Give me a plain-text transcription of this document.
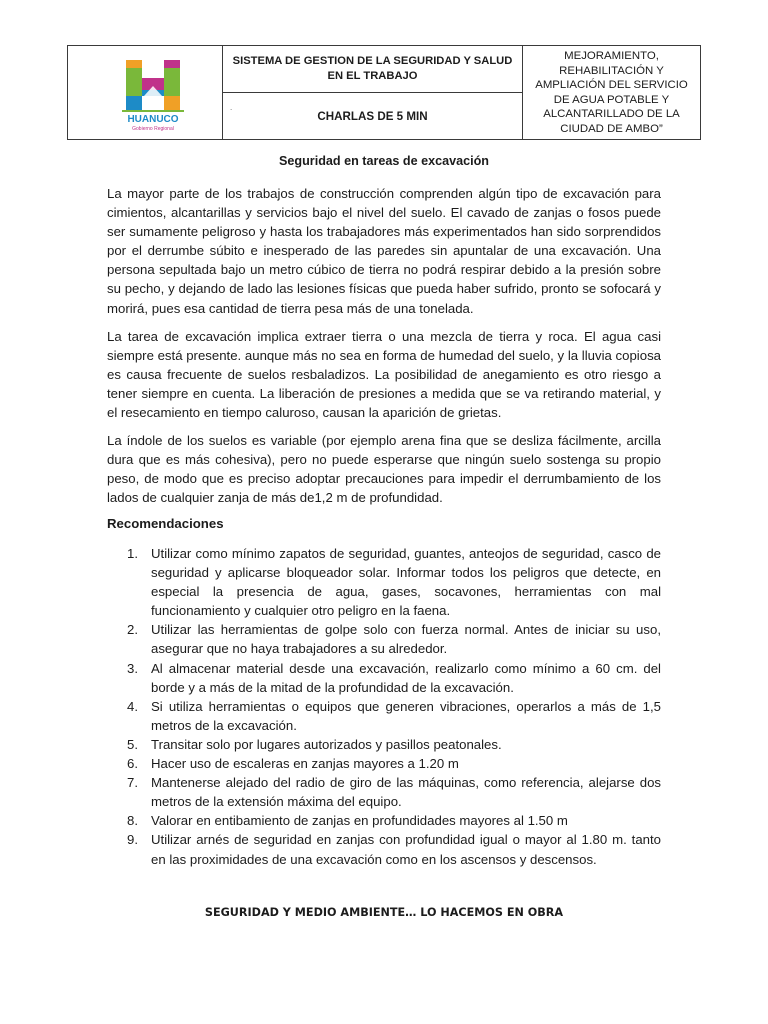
HUANUCO
Gobierno Regional
SISTEMA DE GESTION DE LA SEGURIDAD Y SALUD EN EL TRABAJO
.
CHARLAS DE 5 MIN
MEJORAMIENTO, REHABILITACIÓN Y AMPLIACIÓN DEL SERVICIO DE AGUA POTABLE Y ALCANTARILLADO DE LA CIUDAD DE AMBO”
Seguridad en tareas de excavación

La mayor parte de los trabajos de construcción comprenden algún tipo de excavación para cimientos, alcantarillas y servicios bajo el nivel del suelo. El cavado de zanjas o fosos puede ser sumamente peligroso y hasta los trabajadores más experimentados han sido sorprendidos por el derrumbe súbito e inesperado de las paredes sin apuntalar de una excavación. Una persona sepultada bajo un metro cúbico de tierra no podrá respirar debido a la presión sobre su pecho, y dejando de lado las lesiones físicas que pueda haber sufrido, pronto se sofocará y morirá, pues esa cantidad de tierra pesa más de una tonelada.

La tarea de excavación implica extraer tierra o una mezcla de tierra y roca. El agua casi siempre está presente. aunque más no sea en forma de humedad del suelo, y la lluvia copiosa es causa frecuente de suelos resbaladizos. La posibilidad de anegamiento es otro riesgo a tener siempre en cuenta. La liberación de presiones a medida que se va retirando material, y el resecamiento en tiempo caluroso, causan la aparición de grietas.

La índole de los suelos es variable (por ejemplo arena fina que se desliza fácilmente, arcilla dura que es más cohesiva), pero no puede esperarse que ningún suelo sostenga su propio peso, de modo que es preciso adoptar precauciones para impedir el derrumbamiento de los lados de cualquier zanja de más de1,2 m de profundidad.

Recomendaciones
1. Utilizar como mínimo zapatos de seguridad, guantes, anteojos de seguridad, casco de seguridad y aplicarse bloqueador solar. Informar todos los peligros que detecte, en especial la presencia de agua, gases, socavones, herramientas con mal funcionamiento y cualquier otro peligro en la faena.
2. Utilizar las herramientas de golpe solo con fuerza normal. Antes de iniciar su uso, asegurar que no haya trabajadores a su alrededor.
3. Al almacenar material desde una excavación, realizarlo como mínimo a 60 cm. del borde y a más de la mitad de la profundidad de la excavación.
4. Si utiliza herramientas o equipos que generen vibraciones, operarlos a más de 1,5 metros de la excavación.
5. Transitar solo por lugares autorizados y pasillos peatonales.
6. Hacer uso de escaleras en zanjas mayores a 1.20 m
7. Mantenerse alejado del radio de giro de las máquinas, como referencia, alejarse dos metros de la extensión máxima del equipo.
8. Valorar en entibamiento de zanjas en profundidades mayores al 1.50 m
9. Utilizar arnés de seguridad en zanjas con profundidad igual o mayor al 1.80 m. tanto en las proximidades de una excavación como en los ascensos y descensos.
SEGURIDAD Y MEDIO AMBIENTE… LO HACEMOS EN OBRA
